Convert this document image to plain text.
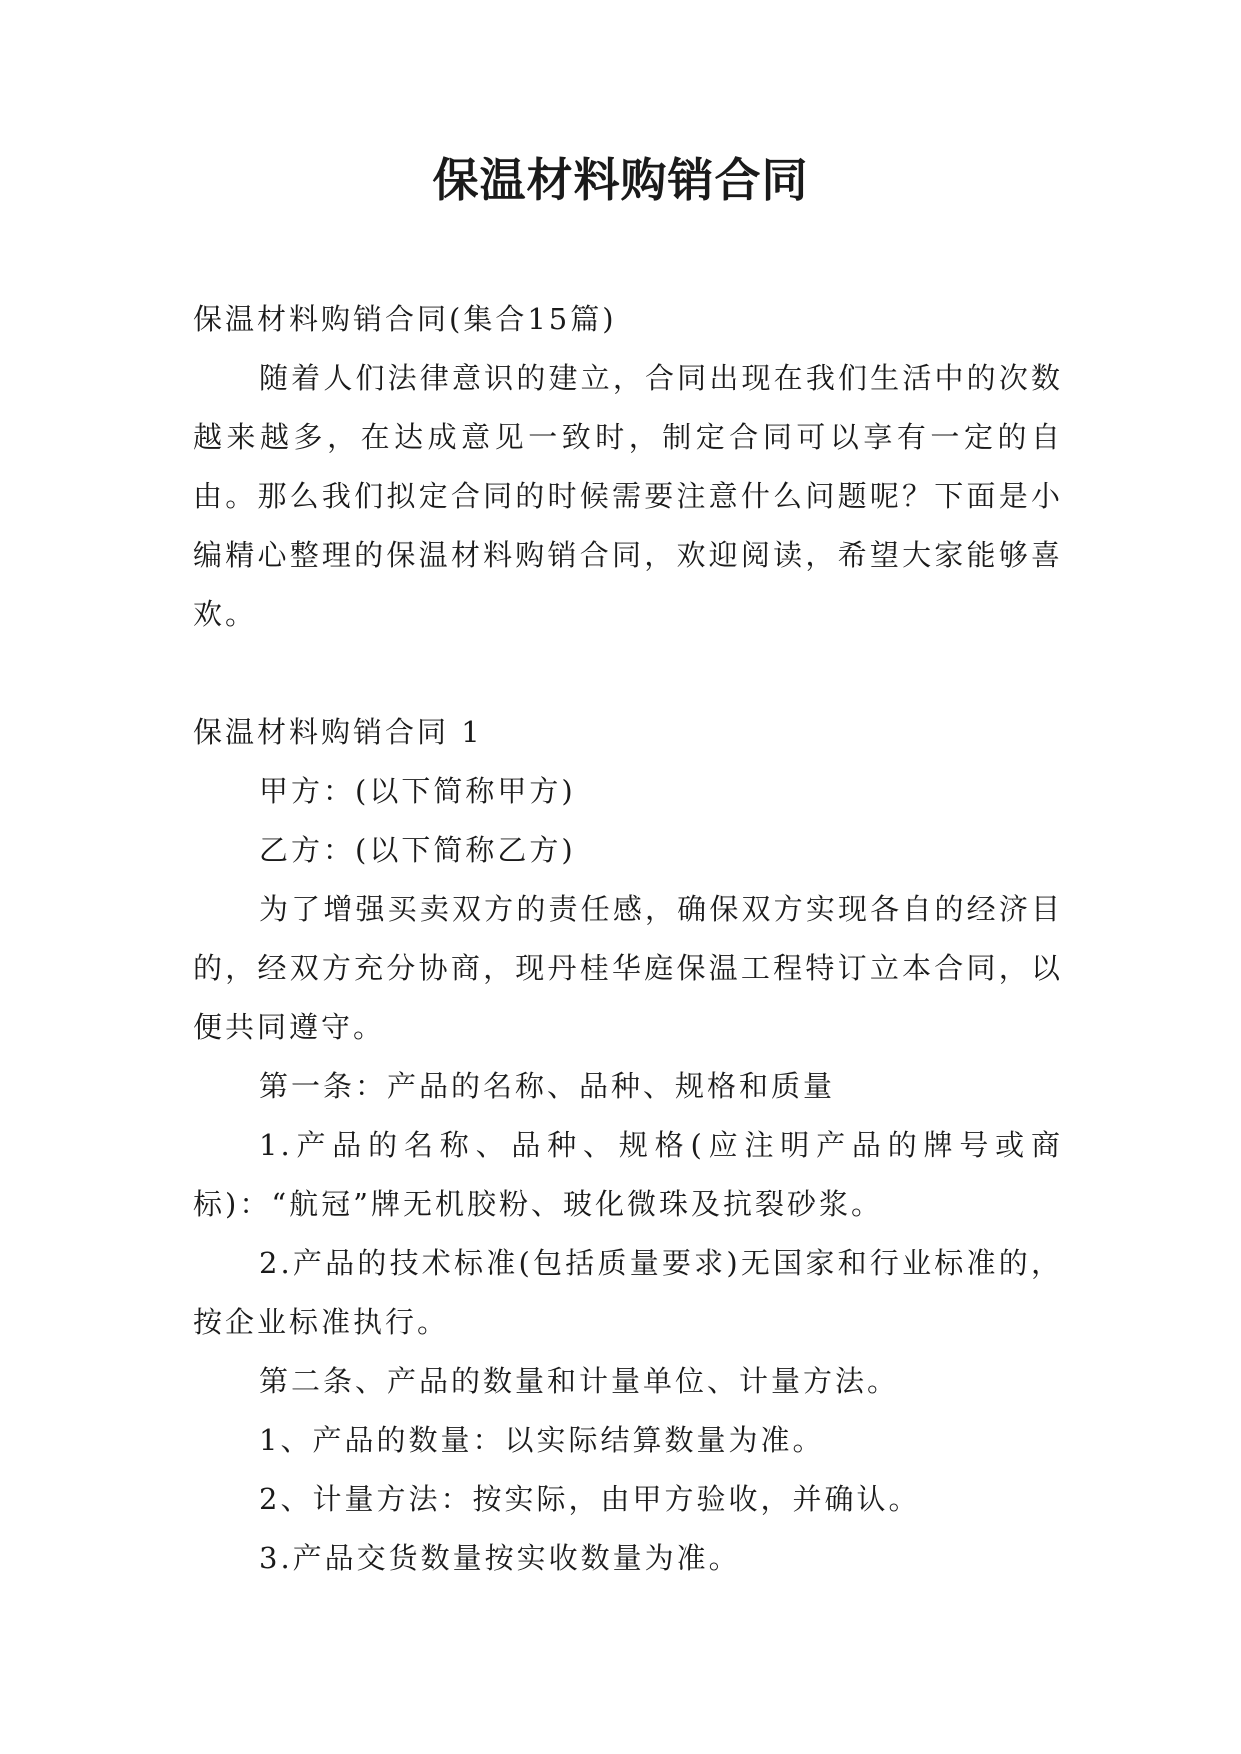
保温材料购销合同

保温材料购销合同(集合15篇)

随着人们法律意识的建立，合同出现在我们生活中的次数越来越多，在达成意见一致时，制定合同可以享有一定的自由。那么我们拟定合同的时候需要注意什么问题呢？下面是小编精心整理的保温材料购销合同，欢迎阅读，希望大家能够喜欢。

保温材料购销合同 1

甲方：(以下简称甲方)

乙方：(以下简称乙方)

为了增强买卖双方的责任感，确保双方实现各自的经济目的，经双方充分协商，现丹桂华庭保温工程特订立本合同，以便共同遵守。

第一条：产品的名称、品种、规格和质量

1.产品的名称、品种、规格(应注明产品的牌号或商标)：“航冠”牌无机胶粉、玻化微珠及抗裂砂浆。

2.产品的技术标准(包括质量要求)无国家和行业标准的，按企业标准执行。

第二条、产品的数量和计量单位、计量方法。

1、产品的数量：以实际结算数量为准。

2、计量方法：按实际，由甲方验收，并确认。

3.产品交货数量按实收数量为准。
